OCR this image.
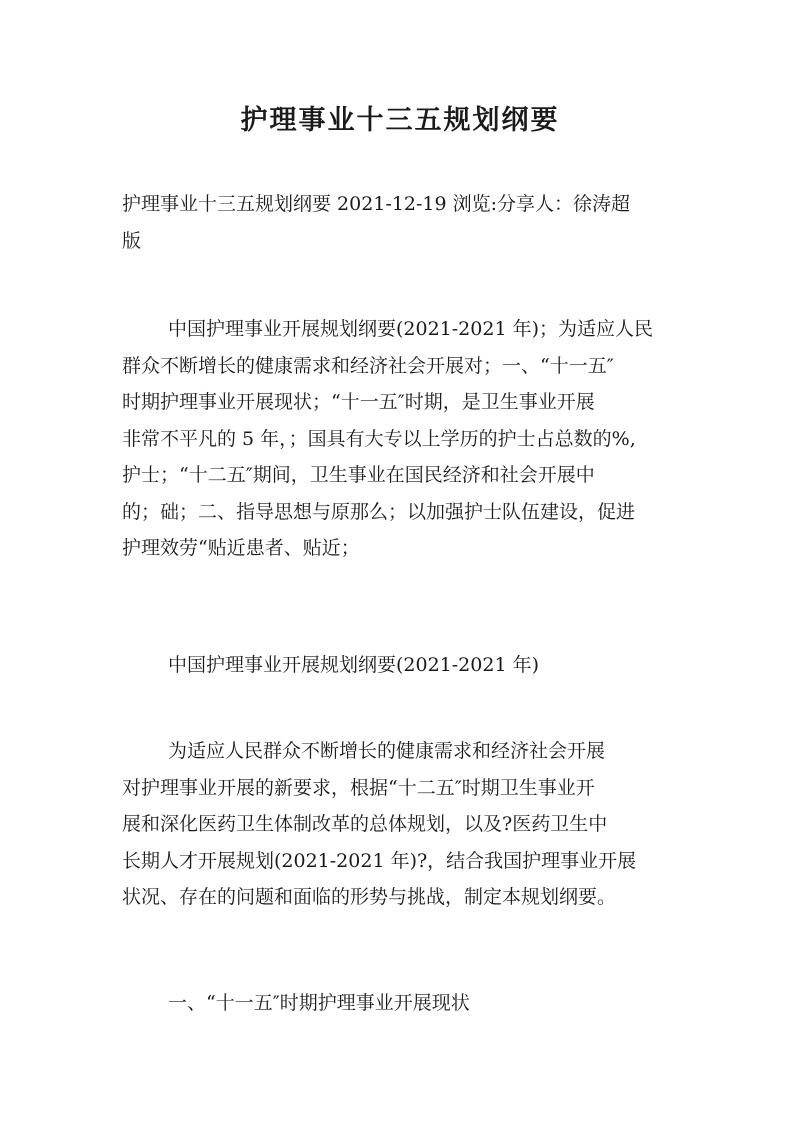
护理事业十三五规划纲要
护理事业十三五规划纲要 2021-12-19 浏览:分享人：徐涛超
版
中国护理事业开展规划纲要(2021-2021 年)；为适应人民
群众不断增长的健康需求和经济社会开展对；一、“十一五″
时期护理事业开展现状；“十一五″时期，是卫生事业开展
非常不平凡的 5 年，；国具有大专以上学历的护士占总数的%,
护士；“十二五″期间，卫生事业在国民经济和社会开展中
的；础；二、指导思想与原那么；以加强护士队伍建设，促进
护理效劳“贴近患者、贴近；
中国护理事业开展规划纲要(2021-2021 年)
为适应人民群众不断增长的健康需求和经济社会开展
对护理事业开展的新要求，根据“十二五″时期卫生事业开
展和深化医药卫生体制改革的总体规划，以及?医药卫生中
长期人才开展规划(2021-2021 年)?，结合我国护理事业开展
状况、存在的问题和面临的形势与挑战，制定本规划纲要。
一、“十一五″时期护理事业开展现状
